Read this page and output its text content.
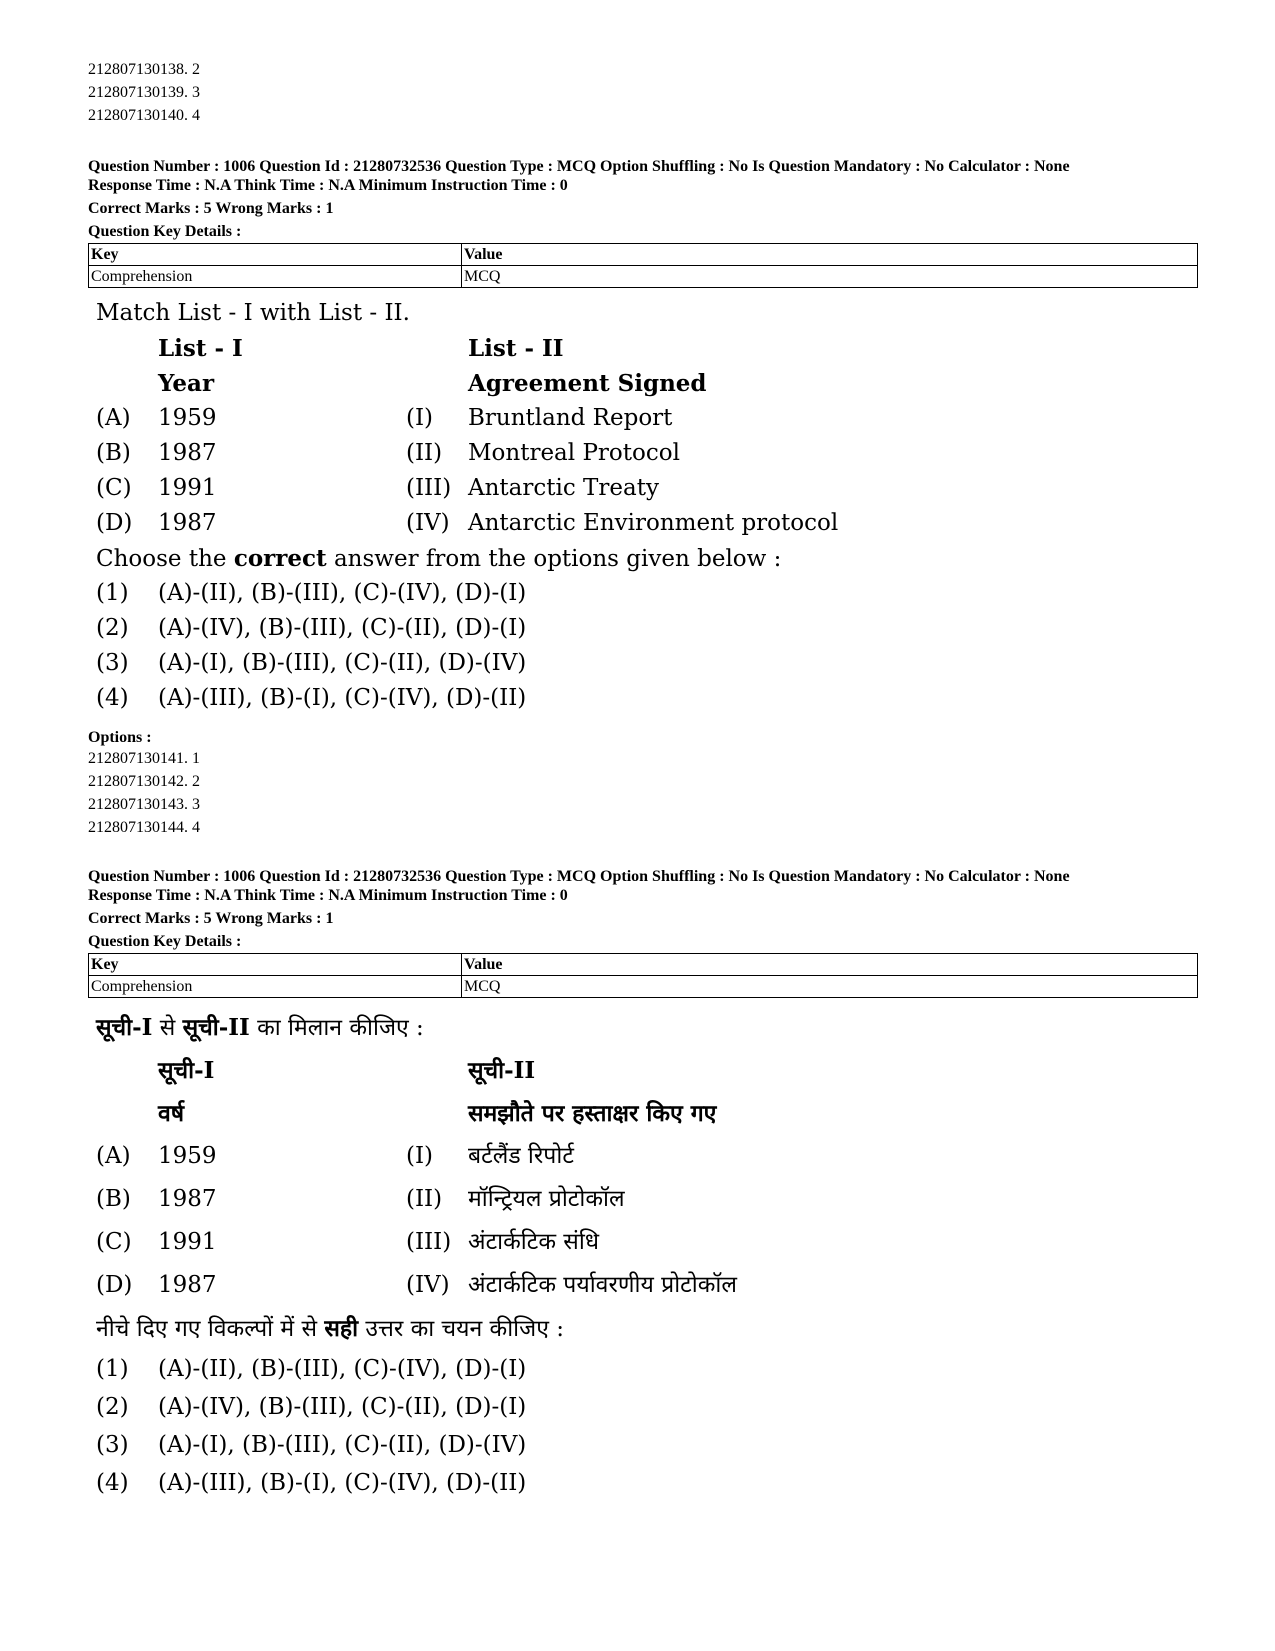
212807130138. 2
212807130139. 3
212807130140. 4
Question Number : 1006 Question Id : 21280732536 Question Type : MCQ Option Shuffling : No Is Question Mandatory : No Calculator : None
Response Time : N.A Think Time : N.A Minimum Instruction Time : 0
Correct Marks : 5 Wrong Marks : 1
Question Key Details :
Key	Value
Comprehension	MCQ
Match List - I with List - II.
List - I	List - II
Year	Agreement Signed
(A) 1959	(I) Bruntland Report
(B) 1987	(II) Montreal Protocol
(C) 1991	(III) Antarctic Treaty
(D) 1987	(IV) Antarctic Environment protocol
Choose the correct answer from the options given below :
(1) (A)-(II), (B)-(III), (C)-(IV), (D)-(I)
(2) (A)-(IV), (B)-(III), (C)-(II), (D)-(I)
(3) (A)-(I), (B)-(III), (C)-(II), (D)-(IV)
(4) (A)-(III), (B)-(I), (C)-(IV), (D)-(II)
Options :
212807130141. 1
212807130142. 2
212807130143. 3
212807130144. 4
Question Number : 1006 Question Id : 21280732536 Question Type : MCQ Option Shuffling : No Is Question Mandatory : No Calculator : None
Response Time : N.A Think Time : N.A Minimum Instruction Time : 0
Correct Marks : 5 Wrong Marks : 1
Question Key Details :
Key	Value
Comprehension	MCQ
सूची-I से सूची-II का मिलान कीजिए :
सूची-I	सूची-II
वर्ष	समझौते पर हस्ताक्षर किए गए
(A) 1959	(I) बर्टलैंड रिपोर्ट
(B) 1987	(II) मॉन्ट्रियल प्रोटोकॉल
(C) 1991	(III) अंटार्कटिक संधि
(D) 1987	(IV) अंटार्कटिक पर्यावरणीय प्रोटोकॉल
नीचे दिए गए विकल्पों में से सही उत्तर का चयन कीजिए :
(1) (A)-(II), (B)-(III), (C)-(IV), (D)-(I)
(2) (A)-(IV), (B)-(III), (C)-(II), (D)-(I)
(3) (A)-(I), (B)-(III), (C)-(II), (D)-(IV)
(4) (A)-(III), (B)-(I), (C)-(IV), (D)-(II)
